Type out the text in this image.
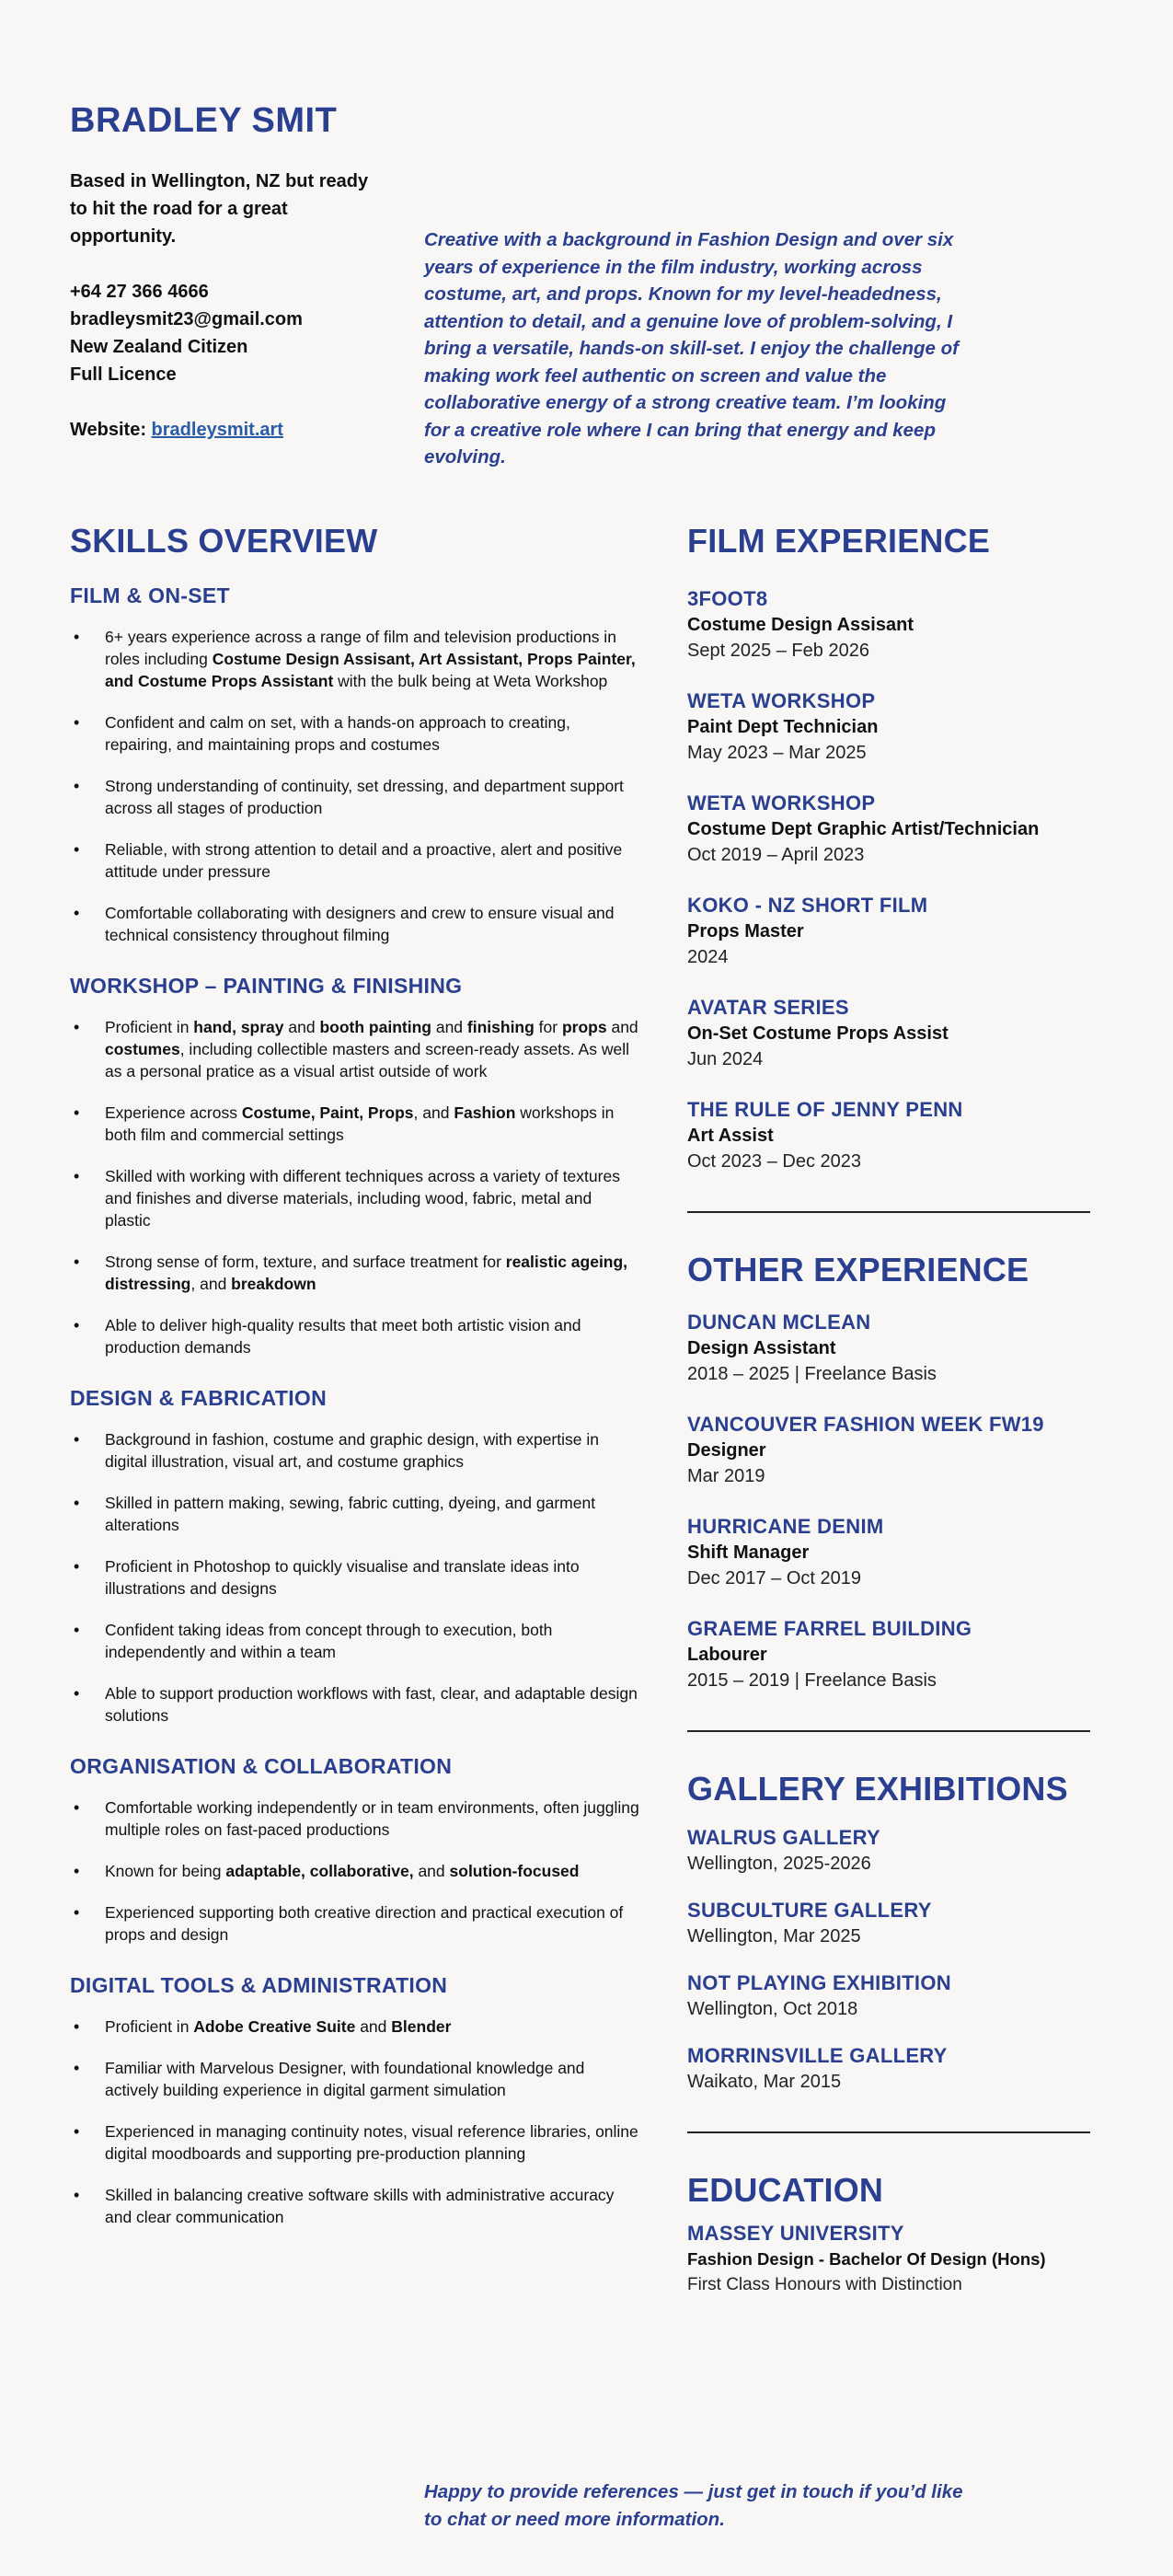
BRADLEY SMIT
Based in Wellington, NZ but ready to hit the road for a great opportunity.
+64 27 366 4666
bradleysmit23@gmail.com
New Zealand Citizen
Full Licence
Website: bradleysmit.art

Creative with a background in Fashion Design and over six years of experience in the film industry, working across costume, art, and props. Known for my level-headedness, attention to detail, and a genuine love of problem-solving, I bring a versatile, hands-on skill-set. I enjoy the challenge of making work feel authentic on screen and value the collaborative energy of a strong creative team. I’m looking for a creative role where I can bring that energy and keep evolving.

SKILLS OVERVIEW
FILM & ON-SET
• 6+ years experience across a range of film and television productions in roles including Costume Design Assisant, Art Assistant, Props Painter, and Costume Props Assistant with the bulk being at Weta Workshop
• Confident and calm on set, with a hands-on approach to creating, repairing, and maintaining props and costumes
• Strong understanding of continuity, set dressing, and department support across all stages of production
• Reliable, with strong attention to detail and a proactive, alert and positive attitude under pressure
• Comfortable collaborating with designers and crew to ensure visual and technical consistency throughout filming
WORKSHOP – PAINTING & FINISHING
• Proficient in hand, spray and booth painting and finishing for props and costumes, including collectible masters and screen-ready assets. As well as a personal pratice as a visual artist outside of work
• Experience across Costume, Paint, Props, and Fashion workshops in both film and commercial settings
• Skilled with working with different techniques across a variety of textures and finishes and diverse materials, including wood, fabric, metal and plastic
• Strong sense of form, texture, and surface treatment for realistic ageing, distressing, and breakdown
• Able to deliver high-quality results that meet both artistic vision and production demands
DESIGN & FABRICATION
• Background in fashion, costume and graphic design, with expertise in digital illustration, visual art, and costume graphics
• Skilled in pattern making, sewing, fabric cutting, dyeing, and garment alterations
• Proficient in Photoshop to quickly visualise and translate ideas into illustrations and designs
• Confident taking ideas from concept through to execution, both independently and within a team
• Able to support production workflows with fast, clear, and adaptable design solutions
ORGANISATION & COLLABORATION
• Comfortable working independently or in team environments, often juggling multiple roles on fast-paced productions
• Known for being adaptable, collaborative, and solution-focused
• Experienced supporting both creative direction and practical execution of props and design
DIGITAL TOOLS & ADMINISTRATION
• Proficient in Adobe Creative Suite and Blender
• Familiar with Marvelous Designer, with foundational knowledge and actively building experience in digital garment simulation
• Experienced in managing continuity notes, visual reference libraries, online digital moodboards and supporting pre-production planning
• Skilled in balancing creative software skills with administrative accuracy and clear communication
FILM EXPERIENCE
3FOOT8
Costume Design Assisant
Sept 2025 – Feb 2026
WETA WORKSHOP
Paint Dept Technician
May 2023 – Mar 2025
WETA WORKSHOP
Costume Dept Graphic Artist/Technician
Oct 2019 – April 2023
KOKO - NZ SHORT FILM
Props Master
2024
AVATAR SERIES
On-Set Costume Props Assist
Jun 2024
THE RULE OF JENNY PENN
Art Assist
Oct 2023 – Dec 2023
OTHER EXPERIENCE
DUNCAN MCLEAN
Design Assistant
2018 – 2025 | Freelance Basis
VANCOUVER FASHION WEEK FW19
Designer
Mar 2019
HURRICANE DENIM
Shift Manager
Dec 2017 – Oct 2019
GRAEME FARREL BUILDING
Labourer
2015 – 2019 | Freelance Basis
GALLERY EXHIBITIONS
WALRUS GALLERY
Wellington, 2025-2026
SUBCULTURE GALLERY
Wellington, Mar 2025
NOT PLAYING EXHIBITION
Wellington, Oct 2018
MORRINSVILLE GALLERY
Waikato, Mar 2015
EDUCATION
MASSEY UNIVERSITY
Fashion Design - Bachelor Of Design (Hons)
First Class Honours with Distinction

Happy to provide references — just get in touch if you’d like to chat or need more information.
